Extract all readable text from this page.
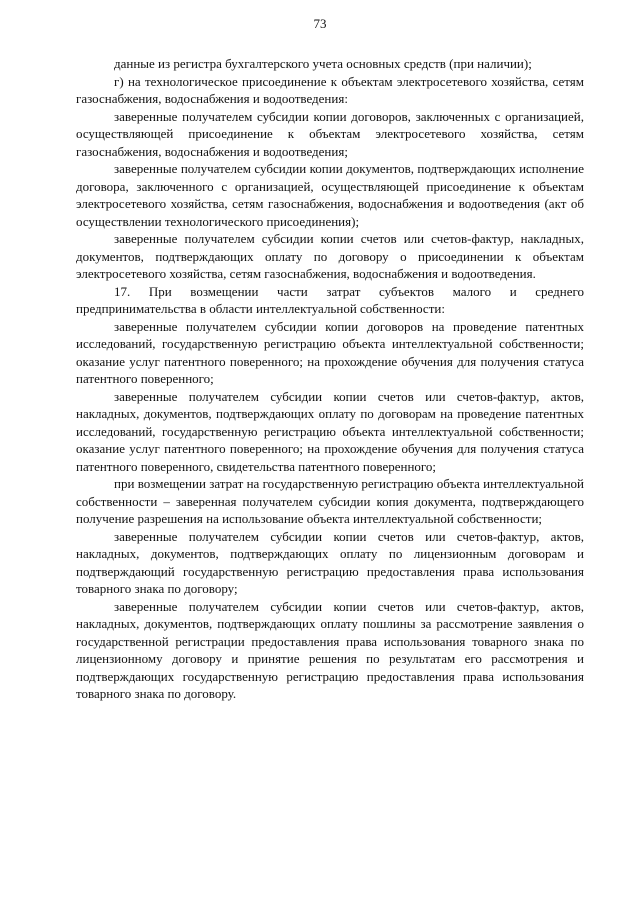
73

данные из регистра бухгалтерского учета основных средств (при наличии);

г) на технологическое присоединение к объектам электросетевого хозяйства, сетям газоснабжения, водоснабжения и водоотведения:

заверенные получателем субсидии копии договоров, заключенных с организацией, осуществляющей присоединение к объектам электросетевого хозяйства, сетям газоснабжения, водоснабжения и водоотведения;

заверенные получателем субсидии копии документов, подтверждающих исполнение договора, заключенного с организацией, осуществляющей присоединение к объектам электросетевого хозяйства, сетям газоснабжения, водоснабжения и водоотведения (акт об осуществлении технологического присоединения);

заверенные получателем субсидии копии счетов или счетов-фактур, накладных, документов, подтверждающих оплату по договору о присоединении к объектам электросетевого хозяйства, сетям газоснабжения, водоснабжения и водоотведения.

17. При возмещении части затрат субъектов малого и среднего предпринимательства в области интеллектуальной собственности:

заверенные получателем субсидии копии договоров на проведение патентных исследований, государственную регистрацию объекта интеллектуальной собственности; оказание услуг патентного поверенного; на прохождение обучения для получения статуса патентного поверенного;

заверенные получателем субсидии копии счетов или счетов-фактур, актов, накладных, документов, подтверждающих оплату по договорам на проведение патентных исследований, государственную регистрацию объекта интеллектуальной собственности; оказание услуг патентного поверенного; на прохождение обучения для получения статуса патентного поверенного, свидетельства патентного поверенного;

при возмещении затрат на государственную регистрацию объекта интеллектуальной собственности – заверенная получателем субсидии копия документа, подтверждающего получение разрешения на использование объекта интеллектуальной собственности;

заверенные получателем субсидии копии счетов или счетов-фактур, актов, накладных, документов, подтверждающих оплату по лицензионным договорам и подтверждающий государственную регистрацию предоставления права использования товарного знака по договору;

заверенные получателем субсидии копии счетов или счетов-фактур, актов, накладных, документов, подтверждающих оплату пошлины за рассмотрение заявления о государственной регистрации предоставления права использования товарного знака по лицензионному договору и принятие решения по результатам его рассмотрения и подтверждающих государственную регистрацию предоставления права использования товарного знака по договору.
